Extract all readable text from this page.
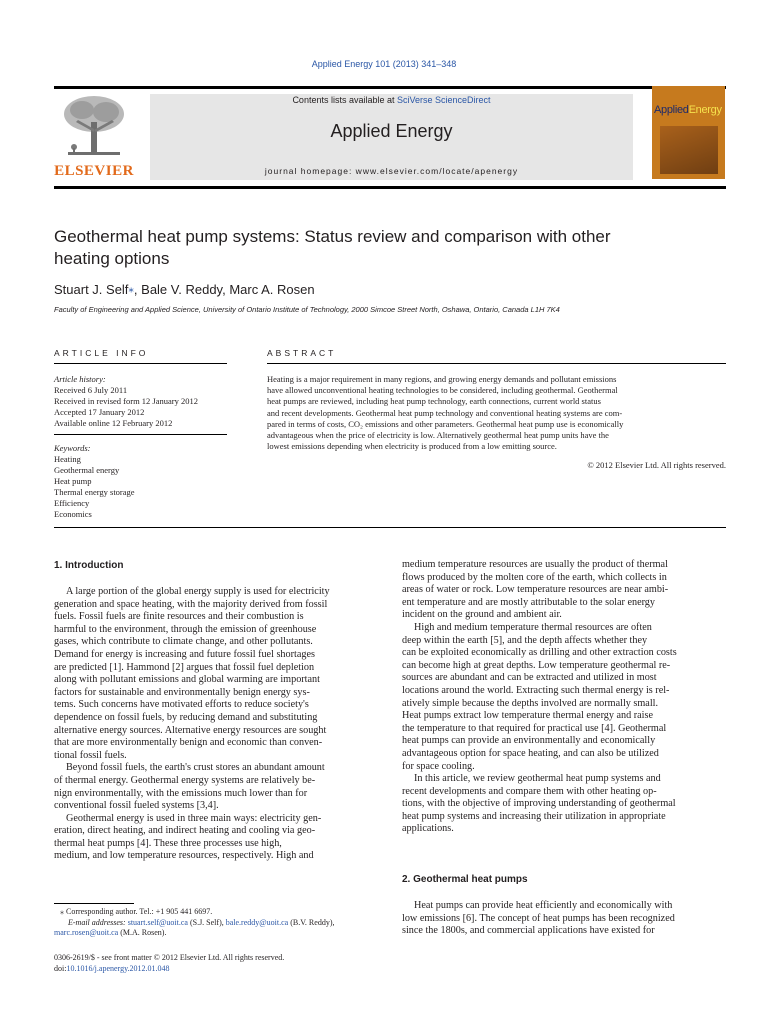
Applied Energy 101 (2013) 341–348
ELSEVIER
Contents lists available at SciVerse ScienceDirect
Applied Energy
journal homepage: www.elsevier.com/locate/apenergy
AppliedEnergy
Geothermal heat pump systems: Status review and comparison with other
heating options
Stuart J. Self⁎, Bale V. Reddy, Marc A. Rosen
Faculty of Engineering and Applied Science, University of Ontario Institute of Technology, 2000 Simcoe Street North, Oshawa, Ontario, Canada L1H 7K4
ARTICLE INFO
Article history:
Received 6 July 2011
Received in revised form 12 January 2012
Accepted 17 January 2012
Available online 12 February 2012
Keywords:
Heating
Geothermal energy
Heat pump
Thermal energy storage
Efficiency
Economics
ABSTRACT
Heating is a major requirement in many regions, and growing energy demands and pollutant emissions
have allowed unconventional heating technologies to be considered, including geothermal. Geothermal
heat pumps are reviewed, including heat pump technology, earth connections, current world status
and recent developments. Geothermal heat pump technology and conventional heating systems are com-
pared in terms of costs, CO₂ emissions and other parameters. Geothermal heat pump use is economically
advantageous when the price of electricity is low. Alternatively geothermal heat pump units have the
lowest emissions depending when electricity is produced from a low emitting source.
© 2012 Elsevier Ltd. All rights reserved.
1. Introduction
A large portion of the global energy supply is used for electricity
generation and space heating, with the majority derived from fossil
fuels. Fossil fuels are finite resources and their combustion is
harmful to the environment, through the emission of greenhouse
gases, which contribute to climate change, and other pollutants.
Demand for energy is increasing and future fossil fuel shortages
are predicted [1]. Hammond [2] argues that fossil fuel depletion
along with pollutant emissions and global warming are important
factors for sustainable and environmentally benign energy sys-
tems. Such concerns have motivated efforts to reduce society's
dependence on fossil fuels, by reducing demand and substituting
alternative energy sources. Alternative energy resources are sought
that are more environmentally benign and economic than conven-
tional fossil fuels.
Beyond fossil fuels, the earth's crust stores an abundant amount
of thermal energy. Geothermal energy systems are relatively be-
nign environmentally, with the emissions much lower than for
conventional fossil fueled systems [3,4].
Geothermal energy is used in three main ways: electricity gen-
eration, direct heating, and indirect heating and cooling via geo-
thermal heat pumps [4]. These three processes use high,
medium, and low temperature resources, respectively. High and
⁎ Corresponding author. Tel.: +1 905 441 6697.
E-mail addresses: stuart.self@uoit.ca (S.J. Self), bale.reddy@uoit.ca (B.V. Reddy),
marc.rosen@uoit.ca (M.A. Rosen).
0306-2619/$ - see front matter © 2012 Elsevier Ltd. All rights reserved.
doi:10.1016/j.apenergy.2012.01.048
medium temperature resources are usually the product of thermal
flows produced by the molten core of the earth, which collects in
areas of water or rock. Low temperature resources are near ambi-
ent temperature and are mostly attributable to the solar energy
incident on the ground and ambient air.
High and medium temperature thermal resources are often
deep within the earth [5], and the depth affects whether they
can be exploited economically as drilling and other extraction costs
can become high at great depths. Low temperature geothermal re-
sources are abundant and can be extracted and utilized in most
locations around the world. Extracting such thermal energy is rel-
atively simple because the depths involved are normally small.
Heat pumps extract low temperature thermal energy and raise
the temperature to that required for practical use [4]. Geothermal
heat pumps can provide an environmentally and economically
advantageous option for space heating, and can also be utilized
for space cooling.
In this article, we review geothermal heat pump systems and
recent developments and compare them with other heating op-
tions, with the objective of improving understanding of geothermal
heat pump systems and increasing their utilization in appropriate
applications.
2. Geothermal heat pumps
Heat pumps can provide heat efficiently and economically with
low emissions [6]. The concept of heat pumps has been recognized
since the 1800s, and commercial applications have existed for
